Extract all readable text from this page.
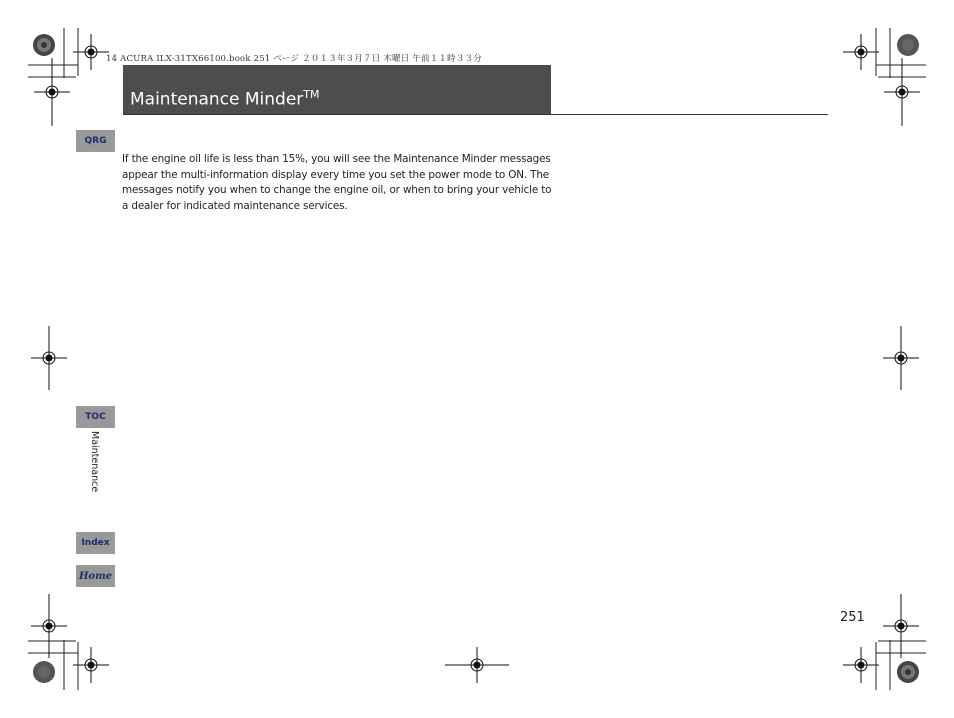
14 ACURA ILX-31TX66100.book 251 ページ ２０１３年３月７日 木曜日 午前１１時３３分
Maintenance Minder™
QRG

If the engine oil life is less than 15%, you will see the Maintenance Minder messages appear the multi-information display every time you set the power mode to ON. The messages notify you when to change the engine oil, or when to bring your vehicle to a dealer for indicated maintenance services.

TOC
Maintenance
Index
Home
251
